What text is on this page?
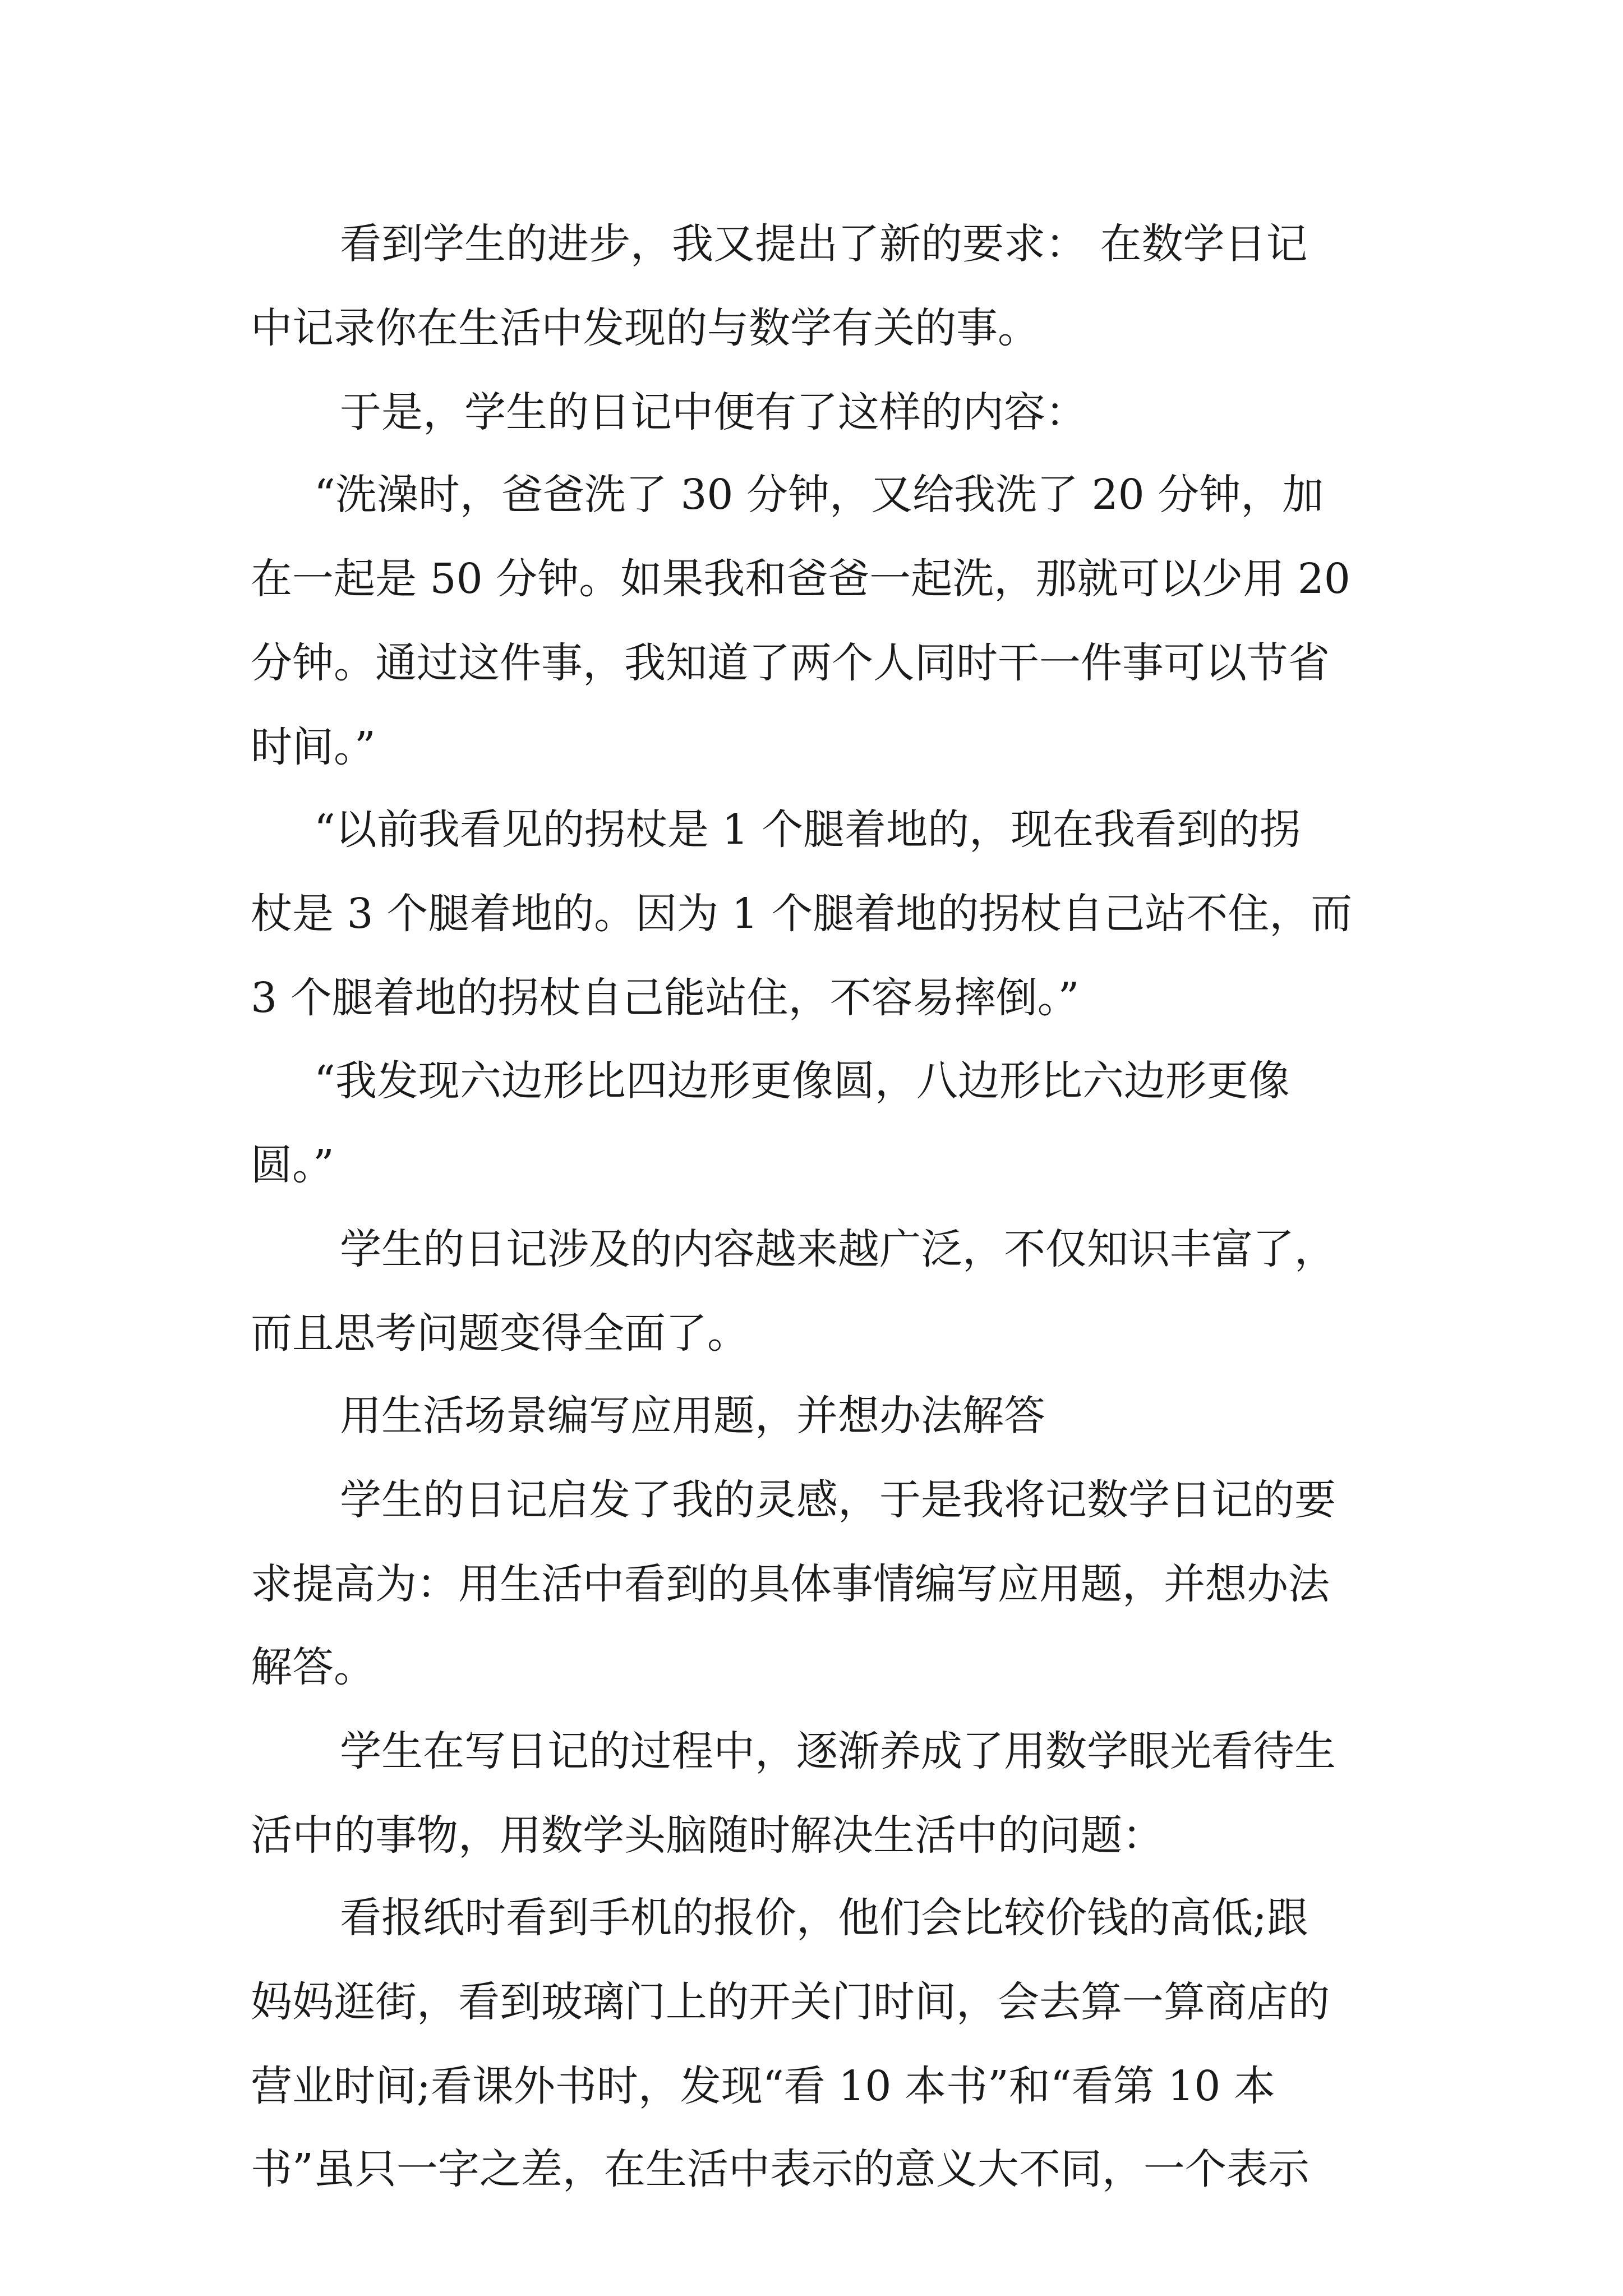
看到学生的进步，我又提出了新的要求： 在数学日记
中记录你在生活中发现的与数学有关的事。
于是，学生的日记中便有了这样的内容：
“洗澡时，爸爸洗了 30 分钟，又给我洗了 20 分钟，加
在一起是 50 分钟。如果我和爸爸一起洗，那就可以少用 20
分钟。通过这件事，我知道了两个人同时干一件事可以节省
时间。”
“以前我看见的拐杖是 1 个腿着地的，现在我看到的拐
杖是 3 个腿着地的。因为 1 个腿着地的拐杖自己站不住，而
3 个腿着地的拐杖自己能站住，不容易摔倒。”
“我发现六边形比四边形更像圆，八边形比六边形更像
圆。”
学生的日记涉及的内容越来越广泛，不仅知识丰富了，
而且思考问题变得全面了。
用生活场景编写应用题，并想办法解答
学生的日记启发了我的灵感，于是我将记数学日记的要
求提高为：用生活中看到的具体事情编写应用题，并想办法
解答。
学生在写日记的过程中，逐渐养成了用数学眼光看待生
活中的事物，用数学头脑随时解决生活中的问题：
看报纸时看到手机的报价，他们会比较价钱的高低;跟
妈妈逛街，看到玻璃门上的开关门时间，会去算一算商店的
营业时间;看课外书时，发现“看 10 本书”和“看第 10 本
书”虽只一字之差，在生活中表示的意义大不同，一个表示
